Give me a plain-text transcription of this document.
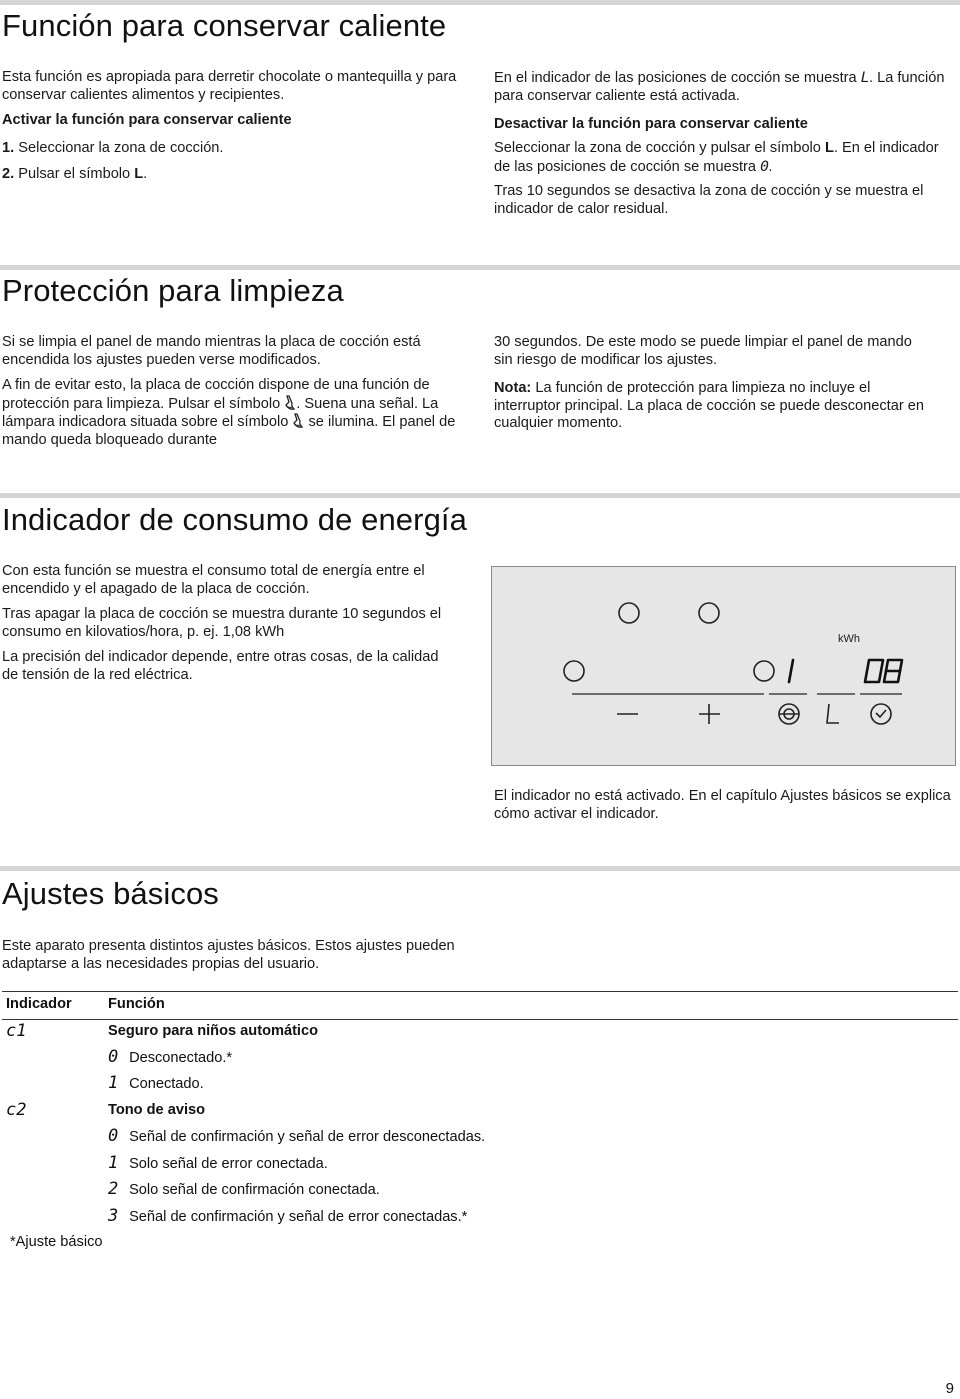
Función para conservar caliente

Esta función es apropiada para derretir chocolate o mantequilla y para conservar calientes alimentos y recipientes.

Activar la función para conservar caliente

1. Seleccionar la zona de cocción.

2. Pulsar el símbolo L.

En el indicador de las posiciones de cocción se muestra L. La función para conservar caliente está activada.

Desactivar la función para conservar caliente

Seleccionar la zona de cocción y pulsar el símbolo L. En el indicador de las posiciones de cocción se muestra 0.

Tras 10 segundos se desactiva la zona de cocción y se muestra el indicador de calor residual.

Protección para limpieza

Si se limpia el panel de mando mientras la placa de cocción está encendida los ajustes pueden verse modificados.

A fin de evitar esto, la placa de cocción dispone de una función de protección para limpieza. Pulsar el símbolo . Suena una señal. La lámpara indicadora situada sobre el símbolo se ilumina. El panel de mando queda bloqueado durante

30 segundos. De este modo se puede limpiar el panel de mando sin riesgo de modificar los ajustes.

Nota: La función de protección para limpieza no incluye el interruptor principal. La placa de cocción se puede desconectar en cualquier momento.

Indicador de consumo de energía

Con esta función se muestra el consumo total de energía entre el encendido y el apagado de la placa de cocción.

Tras apagar la placa de cocción se muestra durante 10 segundos el consumo en kilovatios/hora, p. ej. 1,08 kWh

La precisión del indicador depende, entre otras cosas, de la calidad de tensión de la red eléctrica.

kWh

El indicador no está activado. En el capítulo Ajustes básicos se explica cómo activar el indicador.

Ajustes básicos

Este aparato presenta distintos ajustes básicos. Estos ajustes pueden adaptarse a las necesidades propias del usuario.

Indicador Función
c1	Seguro para niños automático
0 Desconectado.*
1 Conectado.
c2	Tono de aviso
0 Señal de confirmación y señal de error desconectadas.
1 Solo señal de error conectada.
2 Solo señal de confirmación conectada.
3 Señal de confirmación y señal de error conectadas.*
*Ajuste básico
9
